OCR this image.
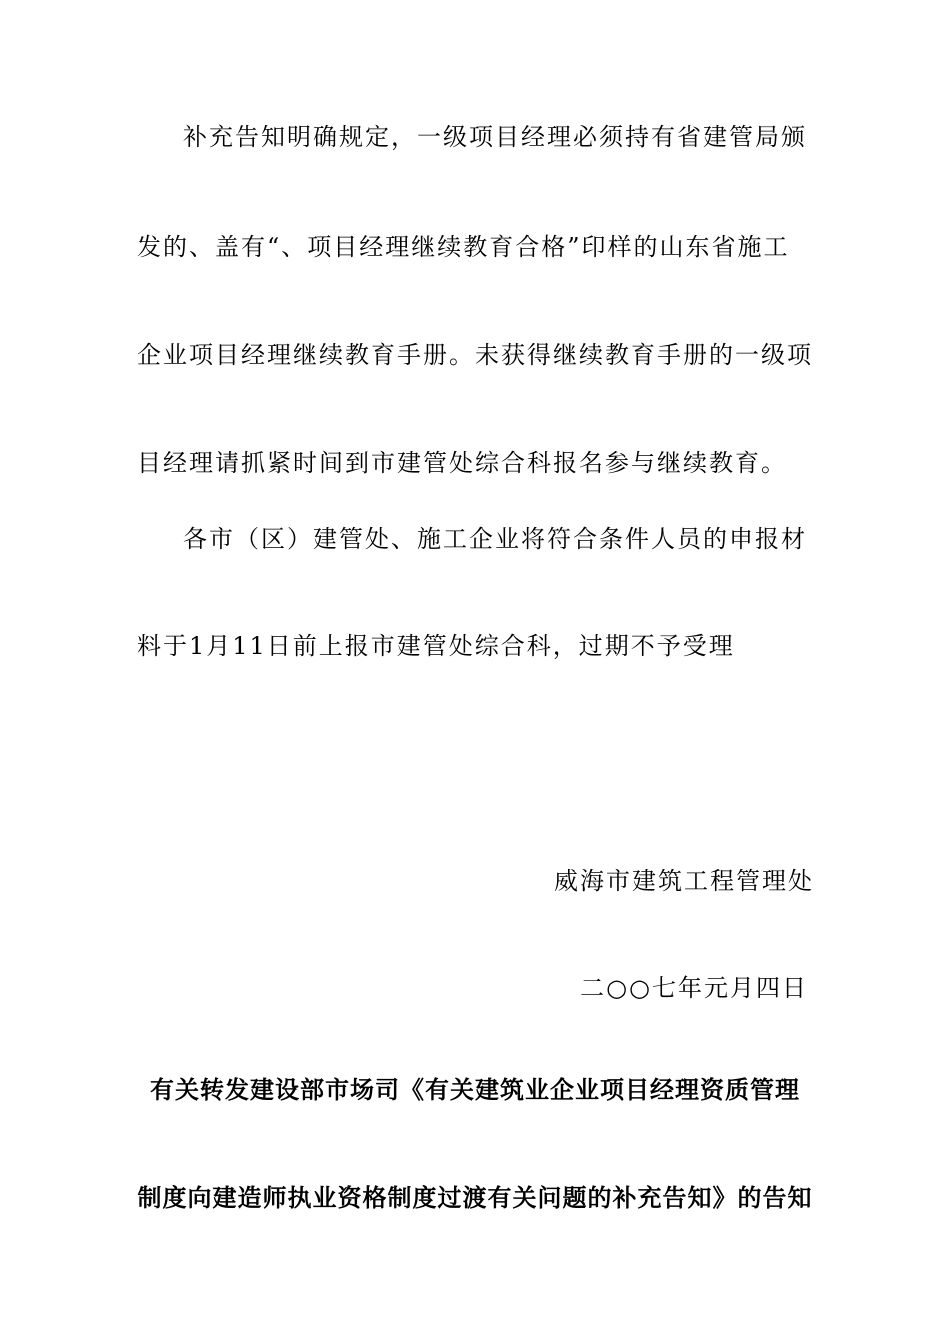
补充告知明确规定，一级项目经理必须持有省建管局颁

发的、盖有“、项目经理继续教育合格”印样的山东省施工

企业项目经理继续教育手册。未获得继续教育手册的一级项

目经理请抓紧时间到市建管处综合科报名参与继续教育。

各市（区）建管处、施工企业将符合条件人员的申报材

料于1月11日前上报市建管处综合科，过期不予受理

威海市建筑工程管理处

二○○七年元月四日

有关转发建设部市场司《有关建筑业企业项目经理资质管理
制度向建造师执业资格制度过渡有关问题的补充告知》的告知
